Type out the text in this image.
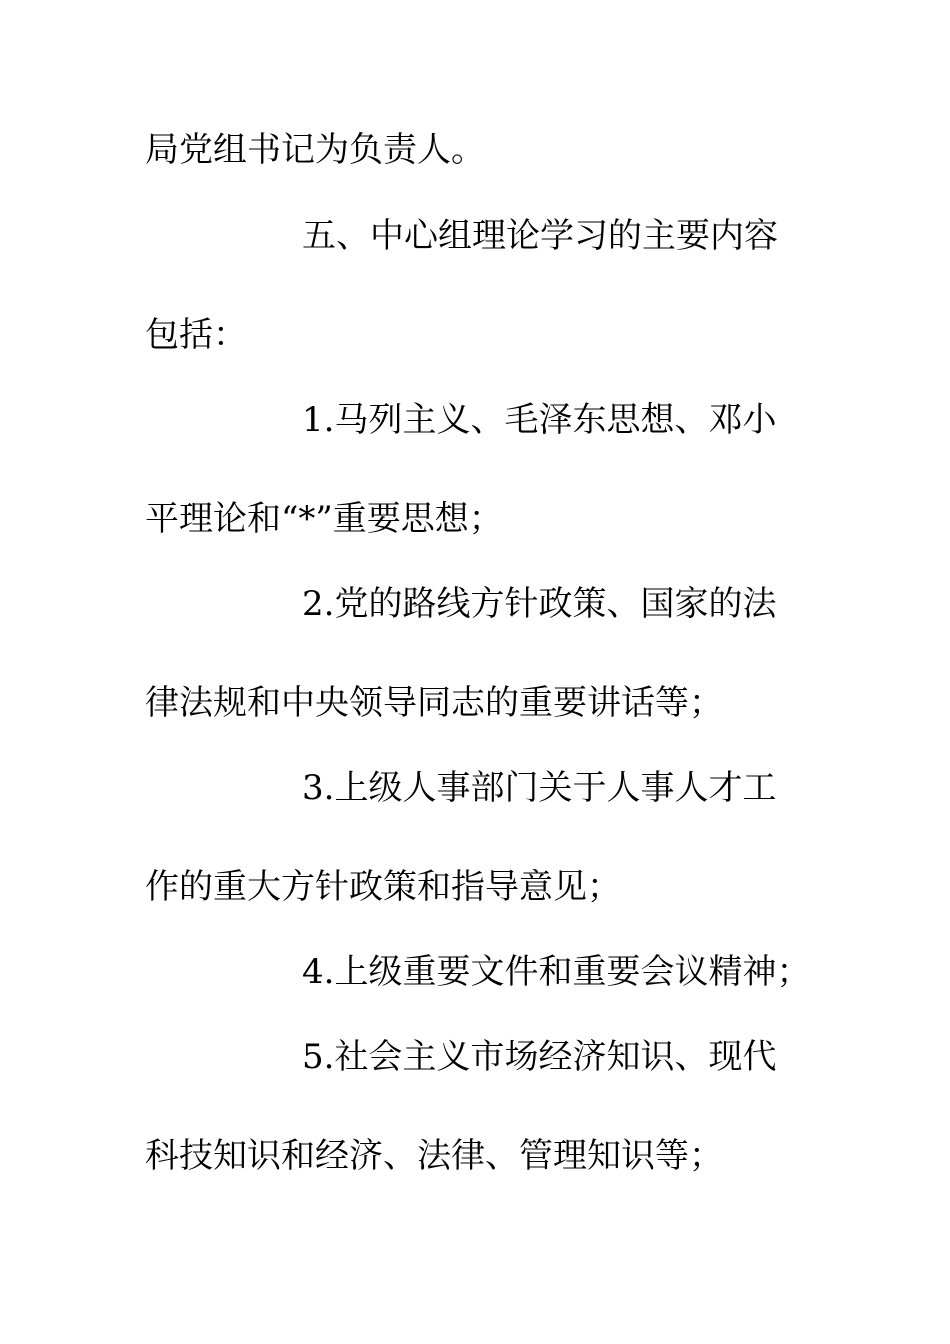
局党组书记为负责人。
五、中心组理论学习的主要内容
包括：
1.马列主义、毛泽东思想、邓小
平理论和“*”重要思想；
2.党的路线方针政策、国家的法
律法规和中央领导同志的重要讲话等；
3.上级人事部门关于人事人才工
作的重大方针政策和指导意见；
4.上级重要文件和重要会议精神；
5.社会主义市场经济知识、现代
科技知识和经济、法律、管理知识等；
